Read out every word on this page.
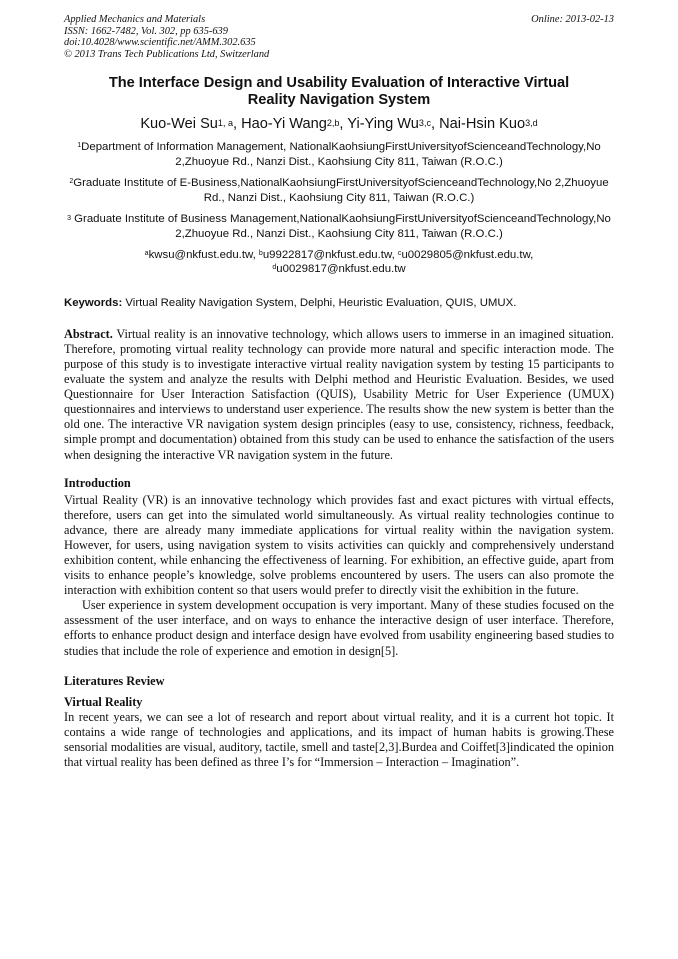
Applied Mechanics and Materials
ISSN: 1662-7482, Vol. 302, pp 635-639
doi:10.4028/www.scientific.net/AMM.302.635
© 2013 Trans Tech Publications Ltd, Switzerland
Online: 2013-02-13
The Interface Design and Usability Evaluation of Interactive Virtual Reality Navigation System
Kuo-Wei Su$^{1, a}$, Hao-Yi Wang$^{2,b}$, Yi-Ying Wu$^{3,c}$, Nai-Hsin Kuo$^{3,d}$
$^1$Department of Information Management, NationalKaohsiungFirstUniversityofScienceandTechnology,No 2,Zhuoyue Rd., Nanzi Dist., Kaohsiung City 811, Taiwan (R.O.C.)
$^2$Graduate Institute of E-Business,NationalKaohsiungFirstUniversityofScienceandTechnology,No 2,Zhuoyue Rd., Nanzi Dist., Kaohsiung City 811, Taiwan (R.O.C.)
$^3$ Graduate Institute of Business Management,NationalKaohsiungFirstUniversityofScienceandTechnology,No 2,Zhuoyue Rd., Nanzi Dist., Kaohsiung City 811, Taiwan (R.O.C.)
$^a$kwsu@nkfust.edu.tw, $^b$u9922817@nkfust.edu.tw, $^c$u0029805@nkfust.edu.tw,
$^d$u0029817@nkfust.edu.tw
Keywords: Virtual Reality Navigation System, Delphi, Heuristic Evaluation, QUIS, UMUX.
Abstract. Virtual reality is an innovative technology, which allows users to immerse in an imagined situation. Therefore, promoting virtual reality technology can provide more natural and specific interaction mode. The purpose of this study is to investigate interactive virtual reality navigation system by testing 15 participants to evaluate the system and analyze the results with Delphi method and Heuristic Evaluation. Besides, we used Questionnaire for User Interaction Satisfaction (QUIS), Usability Metric for User Experience (UMUX) questionnaires and interviews to understand user experience. The results show the new system is better than the old one. The interactive VR navigation system design principles (easy to use, consistency, richness, feedback, simple prompt and documentation) obtained from this study can be used to enhance the satisfaction of the users when designing the interactive VR navigation system in the future.
Introduction

Virtual Reality (VR) is an innovative technology which provides fast and exact pictures with virtual effects, therefore, users can get into the simulated world simultaneously. As virtual reality technologies continue to advance, there are already many immediate applications for virtual reality within the navigation system. However, for users, using navigation system to visits activities can quickly and comprehensively understand exhibition content, while enhancing the effectiveness of learning. For exhibition, an effective guide, apart from visits to enhance people’s knowledge, solve problems encountered by users. The users can also promote the interaction with exhibition content so that users would prefer to directly visit the exhibition in the future.

User experience in system development occupation is very important. Many of these studies focused on the assessment of the user interface, and on ways to enhance the interactive design of user interface. Therefore, efforts to enhance product design and interface design have evolved from usability engineering based studies to studies that include the role of experience and emotion in design[5].

Literatures Review
Virtual Reality

In recent years, we can see a lot of research and report about virtual reality, and it is a current hot topic. It contains a wide range of technologies and applications, and its impact of human habits is growing.These sensorial modalities are visual, auditory, tactile, smell and taste[2,3].Burdea and Coiffet[3]indicated the opinion that virtual reality has been defined as three I’s for “Immersion – Interaction – Imagination”.
